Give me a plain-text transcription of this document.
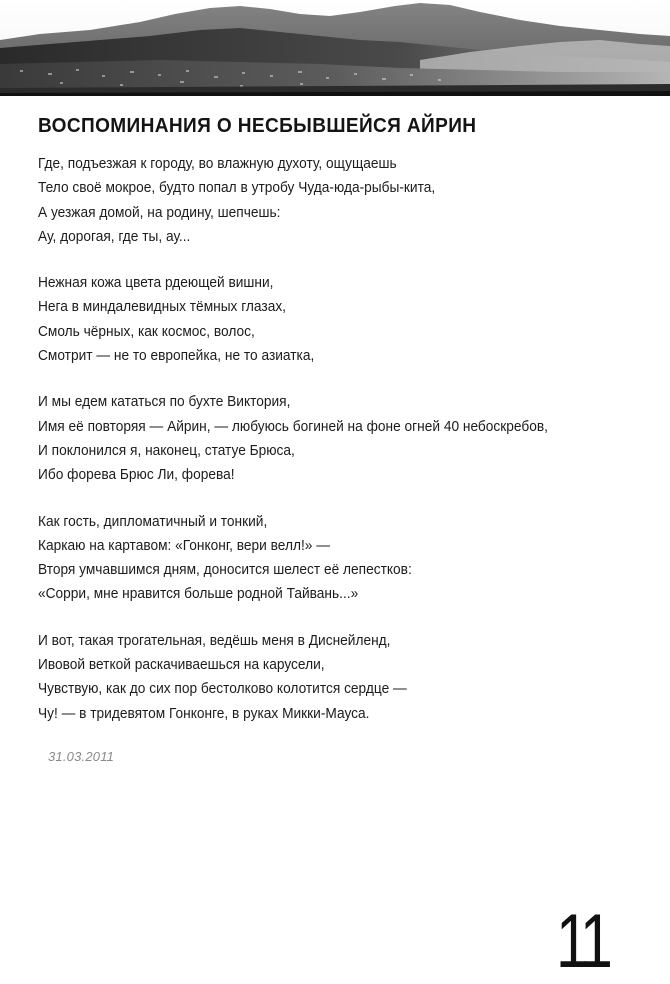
ВОСПОМИНАНИЯ О НЕСБЫВШЕЙСЯ АЙРИН
Где, подъезжая к городу, во влажную духоту, ощущаешь
Тело своё мокрое, будто попал в утробу Чуда-юда-рыбы-кита,
А уезжая домой, на родину, шепчешь:
Ау, дорогая, где ты, ау...
Нежная кожа цвета рдеющей вишни,
Нега в миндалевидных тёмных глазах,
Смоль чёрных, как космос, волос,
Смотрит — не то европейка, не то азиатка,
И мы едем кататься по бухте Виктория,
Имя её повторяя — Айрин, — любуюсь богиней на фоне огней 40 небоскребов,
И поклонился я, наконец, статуе Брюса,
Ибо форева Брюс Ли, форева!
Как гость, дипломатичный и тонкий,
Каркаю на картавом: «Гонконг, вери велл!» —
Вторя умчавшимся дням, доносится шелест её лепестков:
«Сорри, мне нравится больше родной Тайвань...»
И вот, такая трогательная, ведёшь меня в Диснейленд,
Ивовой веткой раскачиваешься на карусели,
Чувствую, как до сих пор бестолково колотится сердце —
Чу! — в тридевятом Гонконге, в руках Микки-Мауса.
31.03.2011
11
